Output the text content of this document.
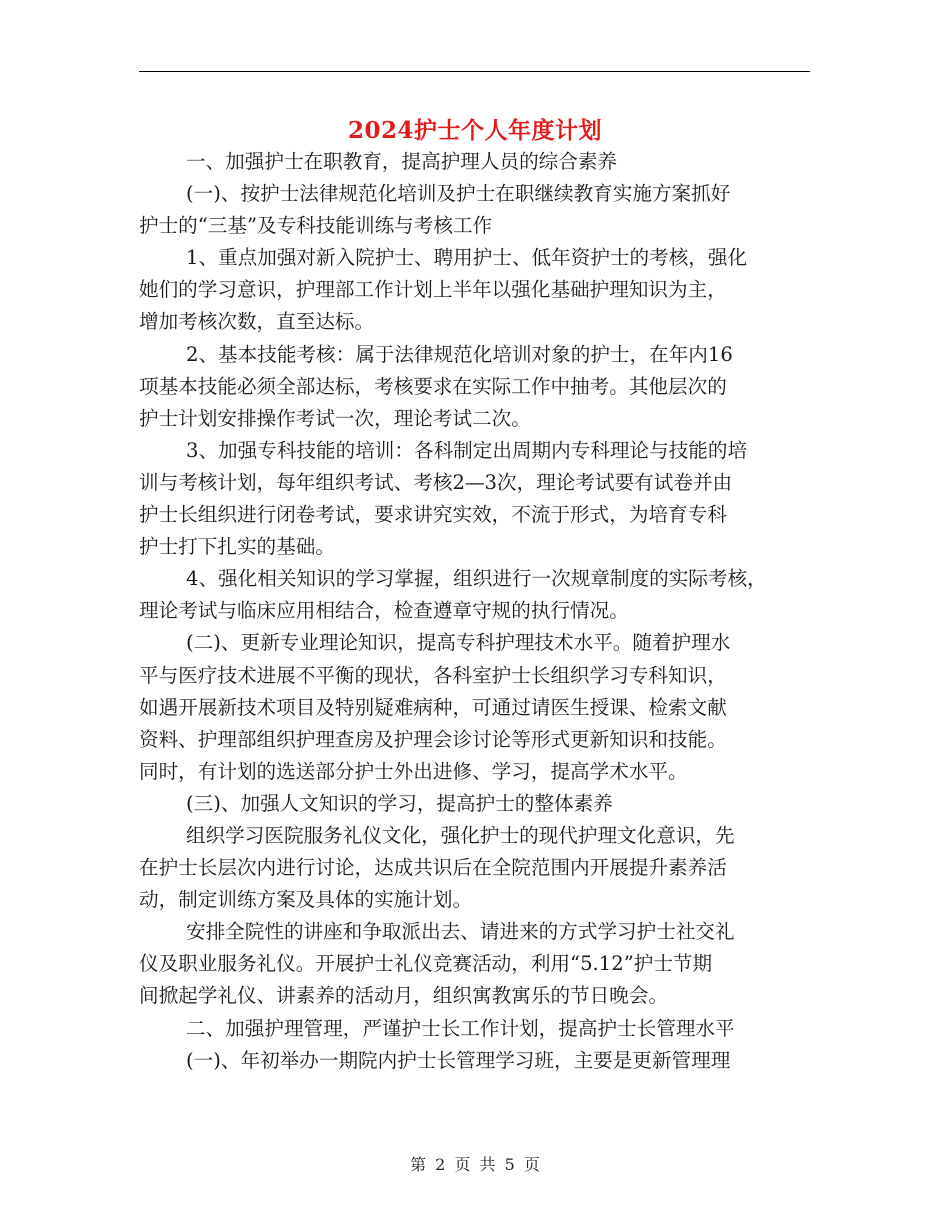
2024护士个人年度计划
一、加强护士在职教育，提高护理人员的综合素养
(一)、按护士法律规范化培训及护士在职继续教育实施方案抓好
护士的“三基”及专科技能训练与考核工作
1、重点加强对新入院护士、聘用护士、低年资护士的考核，强化
她们的学习意识，护理部工作计划上半年以强化基础护理知识为主，
增加考核次数，直至达标。
2、基本技能考核：属于法律规范化培训对象的护士，在年内16
项基本技能必须全部达标，考核要求在实际工作中抽考。其他层次的
护士计划安排操作考试一次，理论考试二次。
3、加强专科技能的培训：各科制定出周期内专科理论与技能的培
训与考核计划，每年组织考试、考核2—3次，理论考试要有试卷并由
护士长组织进行闭卷考试，要求讲究实效，不流于形式，为培育专科
护士打下扎实的基础。
4、强化相关知识的学习掌握，组织进行一次规章制度的实际考核，
理论考试与临床应用相结合，检查遵章守规的执行情况。
(二)、更新专业理论知识，提高专科护理技术水平。随着护理水
平与医疗技术进展不平衡的现状，各科室护士长组织学习专科知识，
如遇开展新技术项目及特别疑难病种，可通过请医生授课、检索文献
资料、护理部组织护理查房及护理会诊讨论等形式更新知识和技能。
同时，有计划的选送部分护士外出进修、学习，提高学术水平。
(三)、加强人文知识的学习，提高护士的整体素养
组织学习医院服务礼仪文化，强化护士的现代护理文化意识，先
在护士长层次内进行讨论，达成共识后在全院范围内开展提升素养活
动，制定训练方案及具体的实施计划。
安排全院性的讲座和争取派出去、请进来的方式学习护士社交礼
仪及职业服务礼仪。开展护士礼仪竞赛活动，利用“5.12”护士节期
间掀起学礼仪、讲素养的活动月，组织寓教寓乐的节日晚会。
二、加强护理管理，严谨护士长工作计划，提高护士长管理水平
(一)、年初举办一期院内护士长管理学习班，主要是更新管理理
第 2 页 共 5 页
